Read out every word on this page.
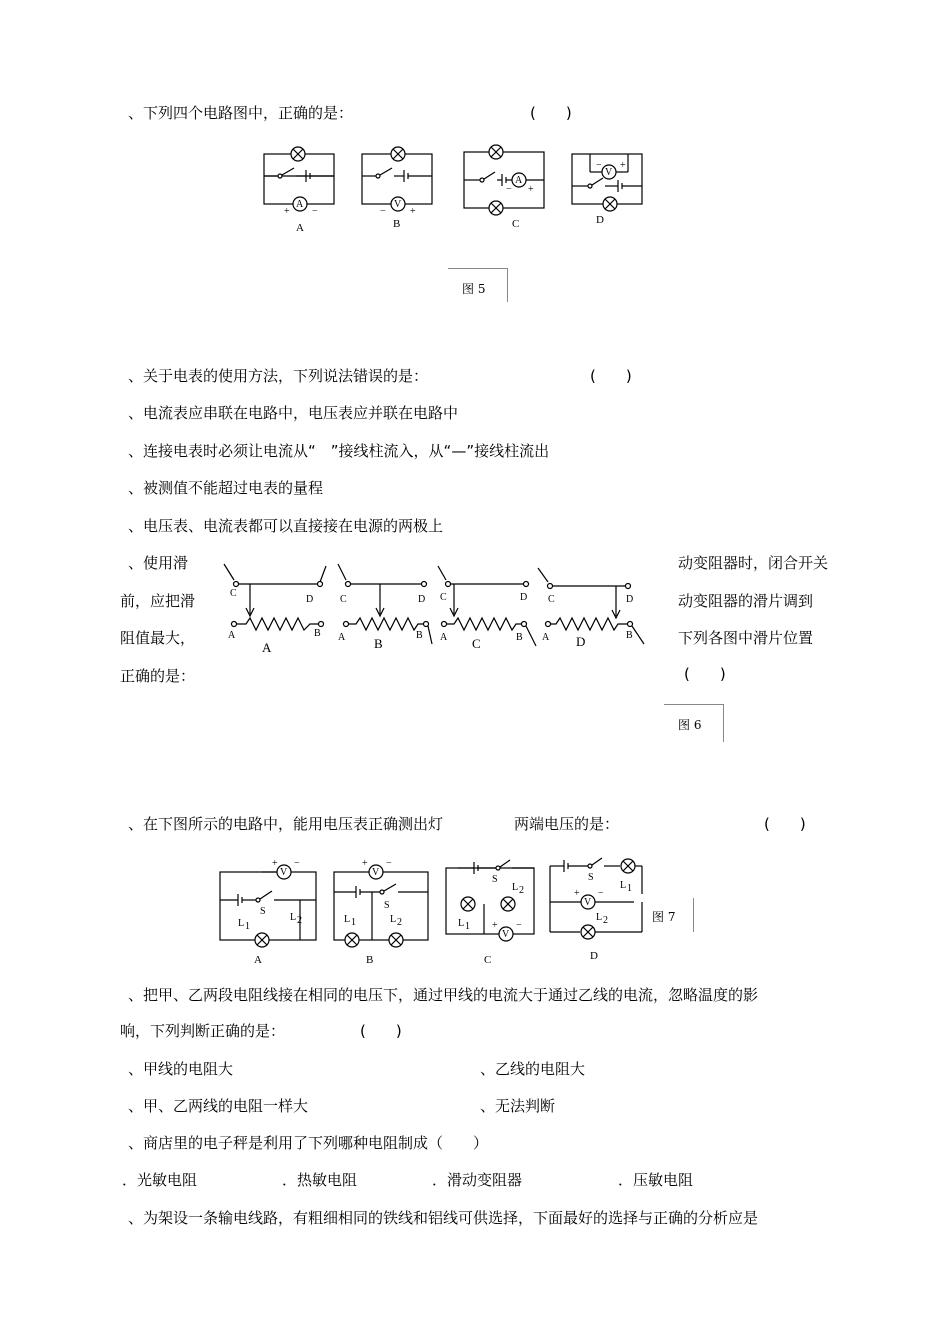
、下列四个电路图中，正确的是：	(　　)
A
+ −
A
V
− +
B
A
− +
C
V
− +
D
图 5
、关于电表的使用方法，下列说法错误的是：	(　　)
、电流表应串联在电路中，电压表应并联在电路中
、连接电表时必须让电流从“　”接线柱流入，从“—”接线柱流出
、被测值不能超过电表的量程
、电压表、电流表都可以直接接在电源的两极上
、使用滑
前，应把滑
阻值最大，
正确的是：
动变阻器时，闭合开关
动变阻器的滑片调到
下列各图中滑片位置
(　　)
C
D
A	B
A
C	D
A	B
B
C	D
A	B
C
C	D
A	B
D
图 6
、在下图所示的电路中，能用电压表正确测出灯	两端电压的是：	(　　)
V
+ −
S
L 1
L 2
A
V
+ −
S
L 1	L 2
B
V
+ −
S
L 1
L 2
C
V
+ −
S
L 1
L 2
D
图 7
、把甲、乙两段电阻线接在相同的电压下，通过甲线的电流大于通过乙线的电流，忽略温度的影
响，下列判断正确的是：	(　　)
、甲线的电阻大	、乙线的电阻大
、甲、乙两线的电阻一样大	、无法判断
、商店里的电子秤是利用了下列哪种电阻制成（　　）
．光敏电阻	．热敏电阻	．滑动变阻器	．压敏电阻
、为架设一条输电线路，有粗细相同的铁线和铝线可供选择，下面最好的选择与正确的分析应是
